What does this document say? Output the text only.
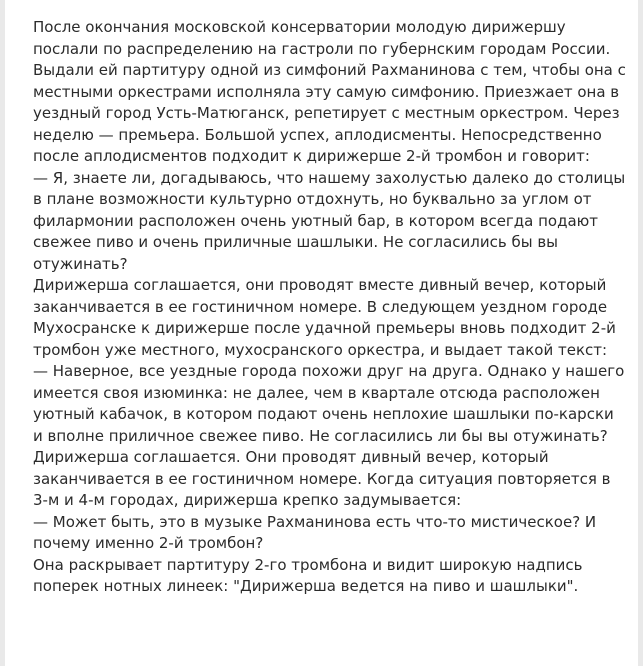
После окончания московской консерватории молодую дирижершу
послали по распределению на гастроли по губернским городам России.
Выдали ей партитуру одной из симфоний Рахманинова с тем, чтобы она с
местными оркестрами исполняла эту самую симфонию. Приезжает она в
уездный город Усть-Матюганск, репетирует с местным оркестром. Через
неделю — премьера. Большой успех, аплодисменты. Непосредственно
после аплодисментов подходит к дирижерше 2-й тромбон и говорит:
— Я, знаете ли, догадываюсь, что нашему захолустью далеко до столицы
в плане возможности культурно отдохнуть, но буквально за углом от
филармонии расположен очень уютный бар, в котором всегда подают
свежее пиво и очень приличные шашлыки. Не согласились бы вы
отужинать?
Дирижерша соглашается, они проводят вместе дивный вечер, который
заканчивается в ее гостиничном номере. В следующем уездном городе
Мухосранске к дирижерше после удачной премьеры вновь подходит 2-й
тромбон уже местного, мухосранского оркестра, и выдает такой текст:
— Наверное, все уездные города похожи друг на друга. Однако у нашего
имеется своя изюминка: не далее, чем в квартале отсюда расположен
уютный кабачок, в котором подают очень неплохие шашлыки по-карски
и вполне приличное свежее пиво. Не согласились ли бы вы отужинать?
Дирижерша соглашается. Они проводят дивный вечер, который
заканчивается в ее гостиничном номере. Когда ситуация повторяется в
3-м и 4-м городах, дирижерша крепко задумывается:
— Может быть, это в музыке Рахманинова есть что-то мистическое? И
почему именно 2-й тромбон?
Она раскрывает партитуру 2-го тромбона и видит широкую надпись
поперек нотных линеек: "Дирижерша ведется на пиво и шашлыки".
